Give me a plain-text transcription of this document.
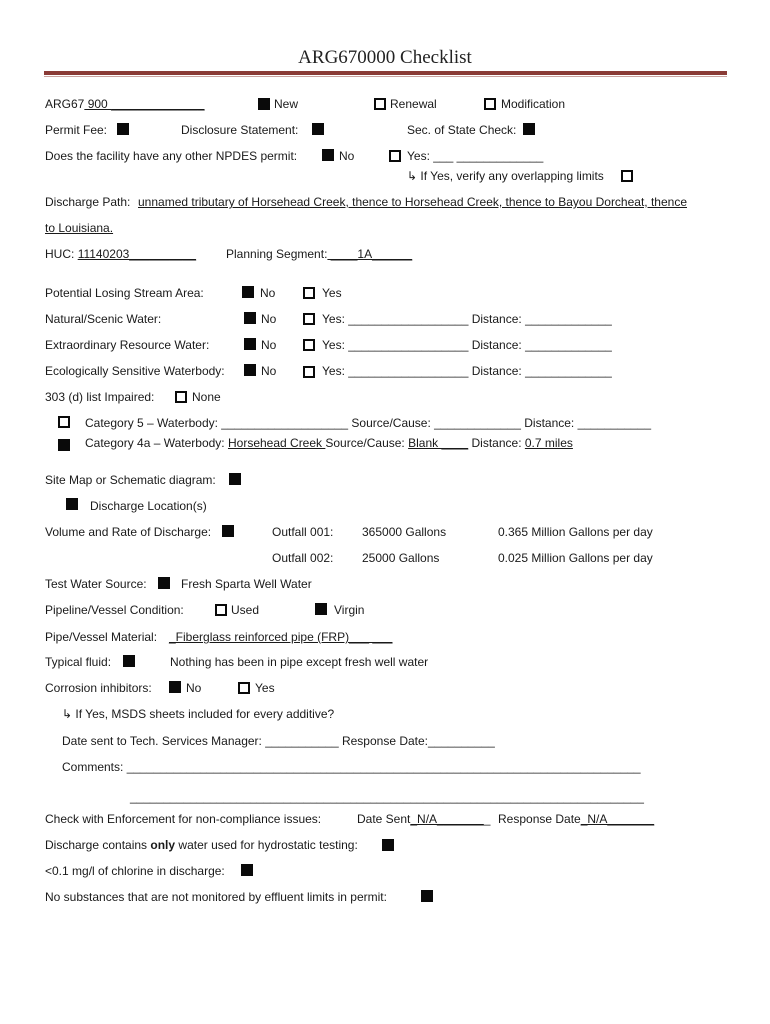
ARG670000 Checklist
ARG67 900 ______________	New	Renewal	Modification
Permit Fee:	Disclosure Statement:	Sec. of State Check:
Does the facility have any other NPDES permit:	No	Yes: ___ _____________
↳ If Yes, verify any overlapping limits
Discharge Path: unnamed tributary of Horsehead Creek, thence to Horsehead Creek, thence to Bayou Dorcheat, thence
to Louisiana.
HUC: 11140203__________ Planning Segment: ____1A______
Potential Losing Stream Area:	No	Yes
Natural/Scenic Water:	No	Yes: __________________ Distance: _____________
Extraordinary Resource Water:	No	Yes: __________________ Distance: _____________
Ecologically Sensitive Waterbody:	No	Yes: __________________ Distance: _____________
303 (d) list Impaired:	None
Category 5 – Waterbody: ___________________ Source/Cause: _____________ Distance: ___________
Category 4a – Waterbody: Horsehead Creek Source/Cause: Blank ____ Distance: 0.7 miles
Site Map or Schematic diagram:
Discharge Location(s)
Volume and Rate of Discharge:	Outfall 001: 365000 Gallons	0.365 Million Gallons per day
Outfall 002: 25000 Gallons	0.025 Million Gallons per day
Test Water Source:	Fresh Sparta Well Water
Pipeline/Vessel Condition:	Used	Virgin
Pipe/Vessel Material: _Fiberglass reinforced pipe (FRP)___ ___
Typical fluid:	Nothing has been in pipe except fresh well water
Corrosion inhibitors:	No	Yes
↳ If Yes, MSDS sheets included for every additive?
Date sent to Tech. Services Manager: ___________ Response Date:__________
Comments: _____________________________________________________________________________
_____________________________________________________________________________
Check with Enforcement for non-compliance issues:	Date Sent_N/A________ Response Date_N/A_______
Discharge contains only water used for hydrostatic testing:
<0.1 mg/l of chlorine in discharge:
No substances that are not monitored by effluent limits in permit:
